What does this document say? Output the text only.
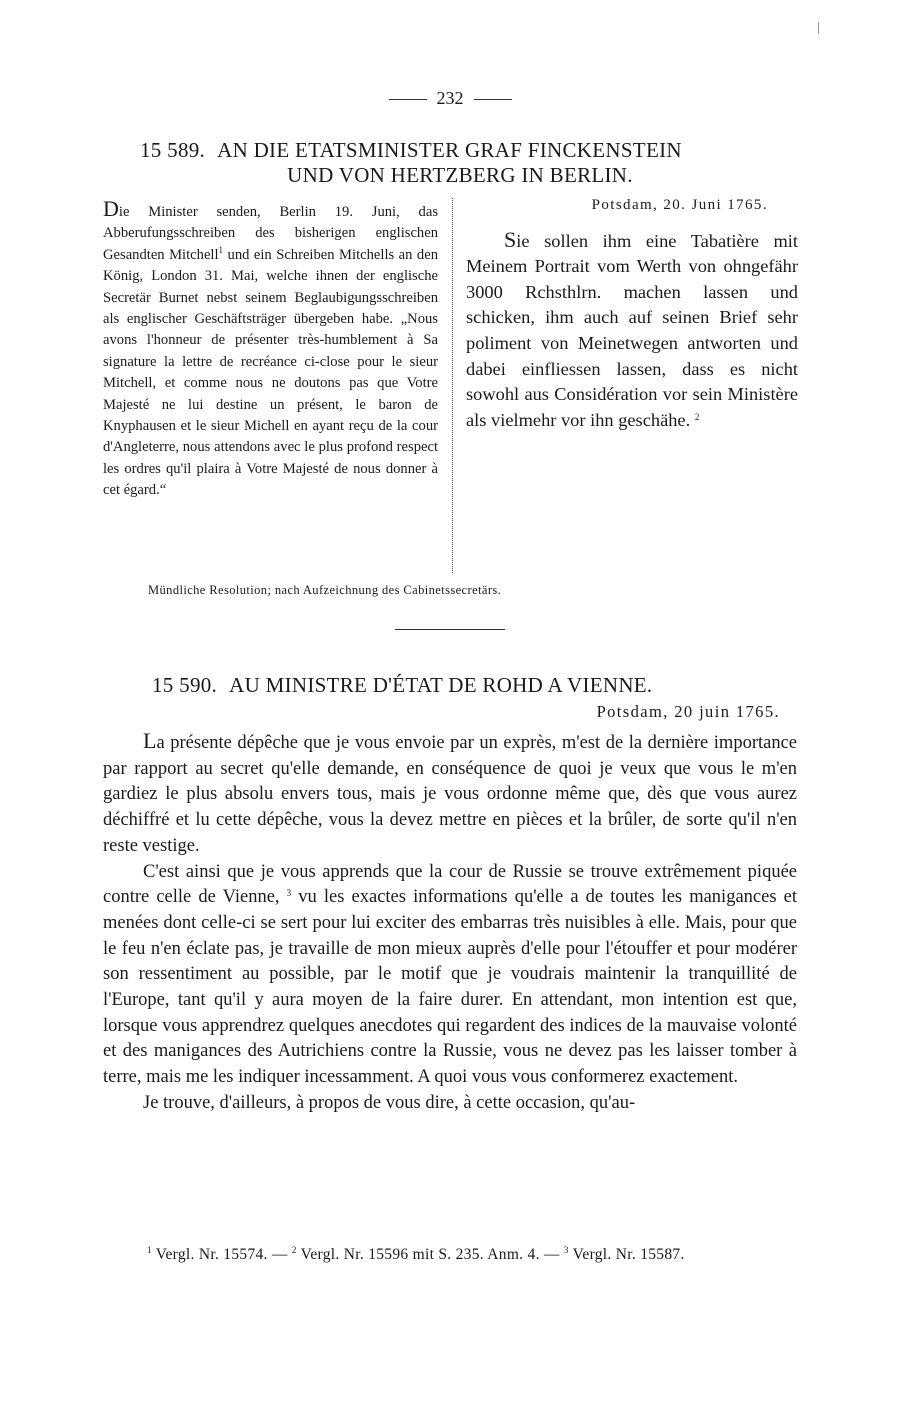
232
15 589. AN DIE ETATSMINISTER GRAF FINCKENSTEIN
UND VON HERTZBERG IN BERLIN.
Die Minister senden, Berlin 19. Juni, das Abberufungsschreiben des bisherigen englischen Gesandten Mitchell$^1$ und ein Schreiben Mitchells an den König, London 31. Mai, welche ihnen der englische Secretär Burnet nebst seinem Beglaubigungsschreiben als englischer Geschäftsträger übergeben habe. „Nous avons l'honneur de présenter très-humblement à Sa signature la lettre de recréance ci-close pour le sieur Mitchell, et comme nous ne doutons pas que Votre Majesté ne lui destine un présent, le baron de Knyphausen et le sieur Michell en ayant reçu de la cour d'Angleterre, nous attendons avec le plus profond respect les ordres qu'il plaira à Votre Majesté de nous donner à cet égard.“
Potsdam, 20. Juni 1765.
Sie sollen ihm eine Tabatière mit Meinem Portrait vom Werth von ohngefähr 3000 Rchsthlrn. machen lassen und schicken, ihm auch auf seinen Brief sehr poliment von Meinetwegen antworten und dabei einfliessen lassen, dass es nicht sowohl aus Considération vor sein Ministère als vielmehr vor ihn geschähe. $^2$
Mündliche Resolution; nach Aufzeichnung des Cabinetssecretärs.
15 590. AU MINISTRE D'ÉTAT DE ROHD A VIENNE.
Potsdam, 20 juin 1765.

La présente dépêche que je vous envoie par un exprès, m'est de la dernière importance par rapport au secret qu'elle demande, en conséquence de quoi je veux que vous le m'en gardiez le plus absolu envers tous, mais je vous ordonne même que, dès que vous aurez déchiffré et lu cette dépêche, vous la devez mettre en pièces et la brûler, de sorte qu'il n'en reste vestige.

C'est ainsi que je vous apprends que la cour de Russie se trouve extrêmement piquée contre celle de Vienne, $^3$ vu les exactes informations qu'elle a de toutes les manigances et menées dont celle-ci se sert pour lui exciter des embarras très nuisibles à elle. Mais, pour que le feu n'en éclate pas, je travaille de mon mieux auprès d'elle pour l'étouffer et pour modérer son ressentiment au possible, par le motif que je voudrais maintenir la tranquillité de l'Europe, tant qu'il y aura moyen de la faire durer. En attendant, mon intention est que, lorsque vous apprendrez quelques anecdotes qui regardent des indices de la mauvaise volonté et des manigances des Autrichiens contre la Russie, vous ne devez pas les laisser tomber à terre, mais me les indiquer incessamment. A quoi vous vous conformerez exactement.

Je trouve, d'ailleurs, à propos de vous dire, à cette occasion, qu'au-

$^1$ Vergl. Nr. 15574. — $^2$ Vergl. Nr. 15596 mit S. 235. Anm. 4. — $^3$ Vergl. Nr. 15587.
